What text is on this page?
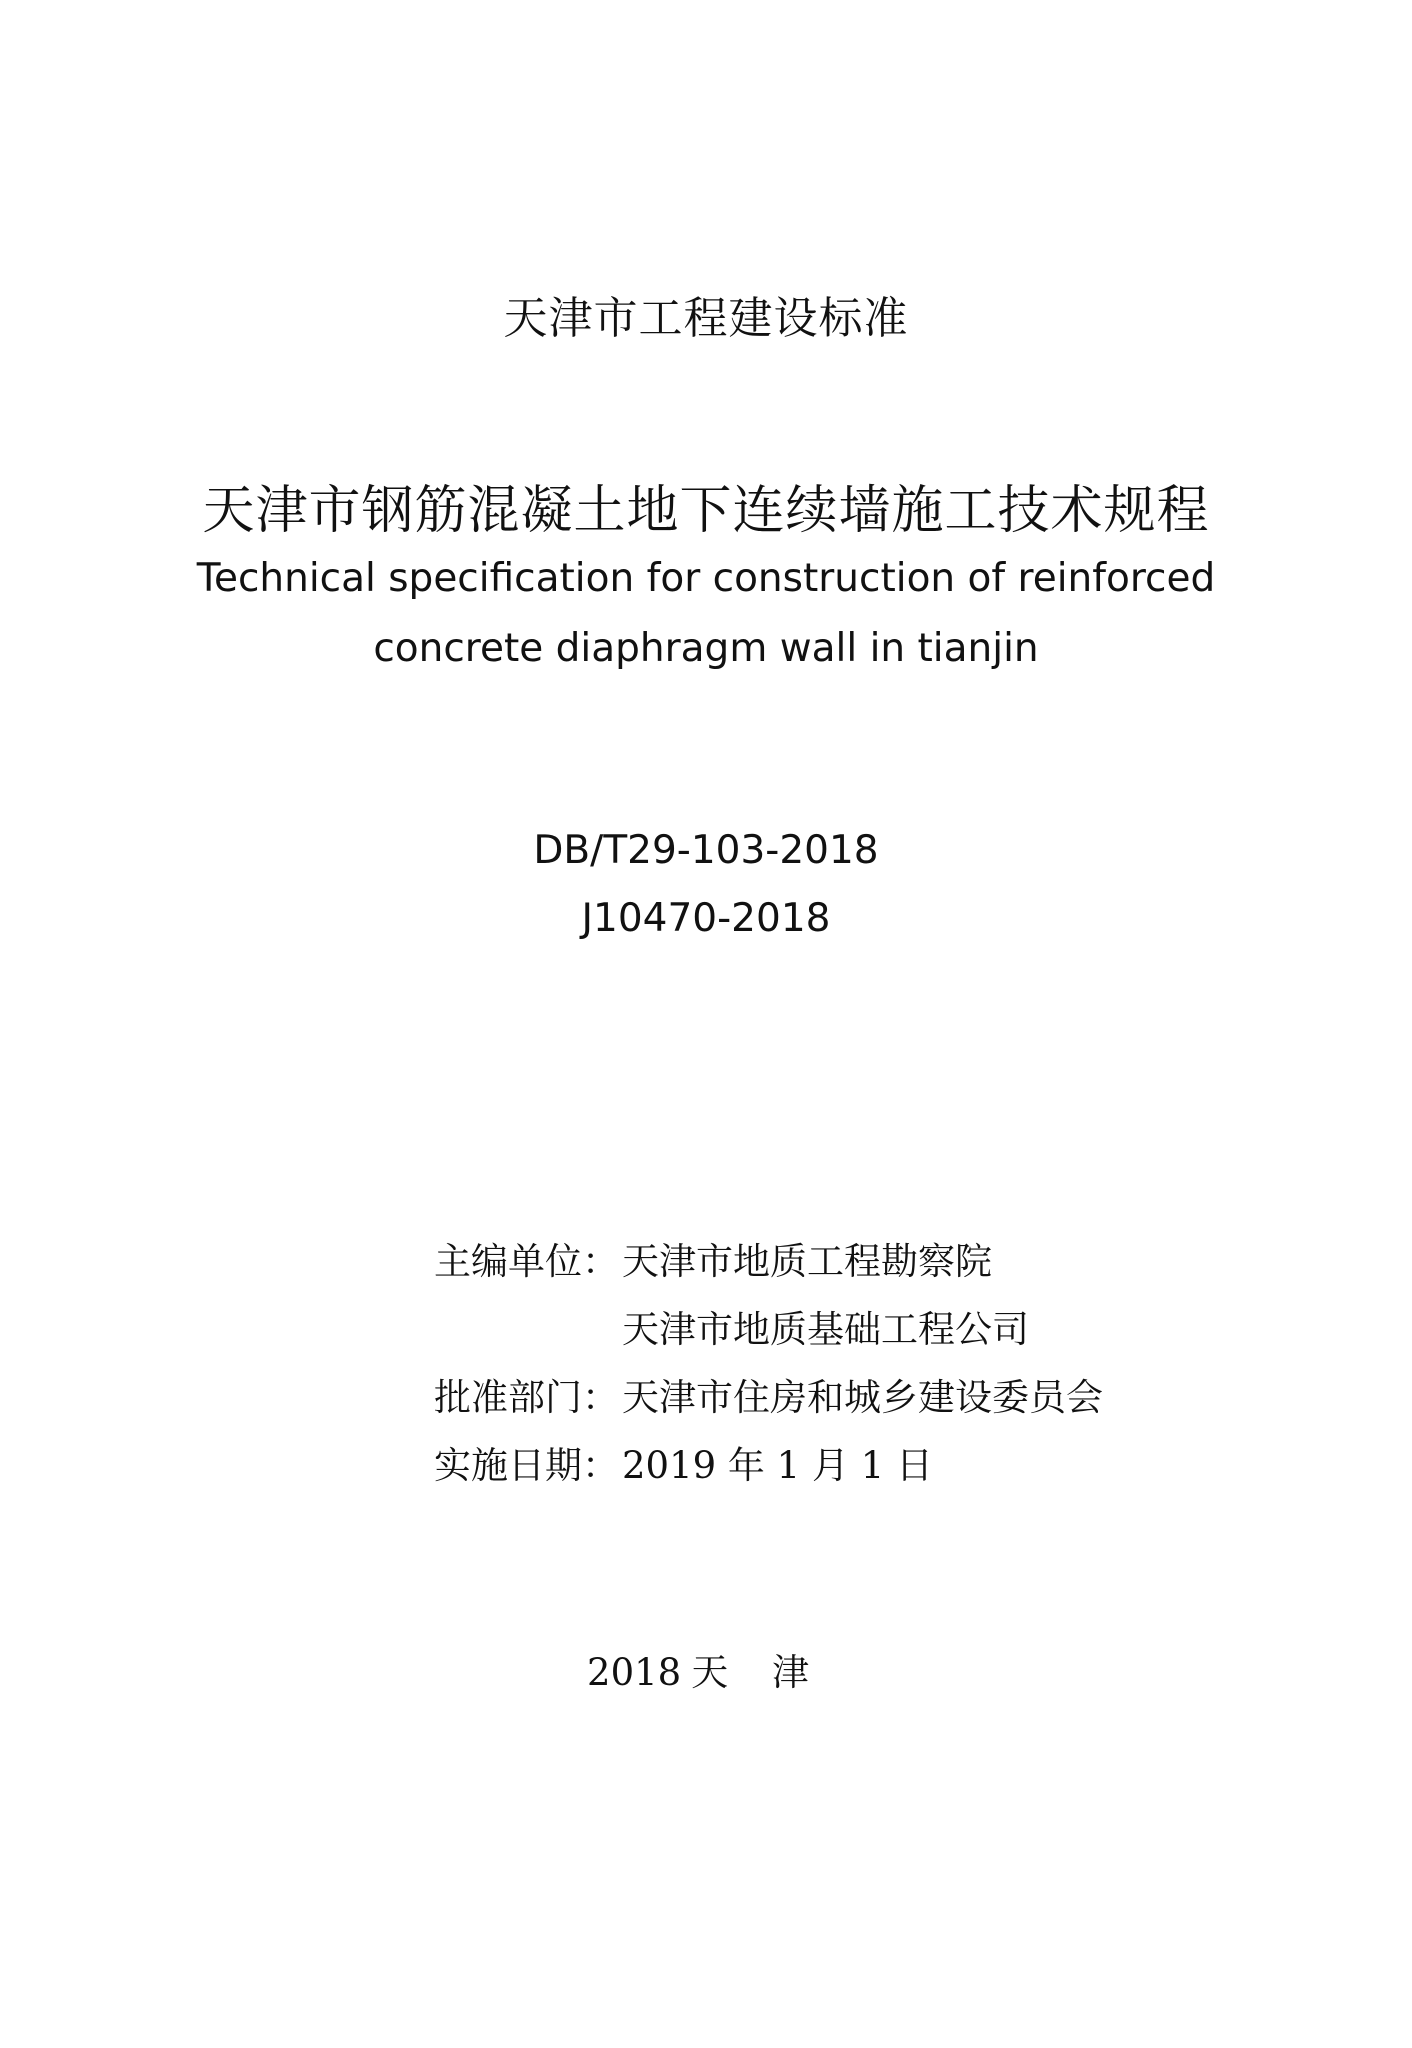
天津市工程建设标准
天津市钢筋混凝土地下连续墙施工技术规程
Technical specification for construction of reinforced
concrete diaphragm wall in tianjin
DB/T29-103-2018
J10470-2018
主编单位： 天津市地质工程勘察院
天津市地质基础工程公司
批准部门： 天津市住房和城乡建设委员会
实施日期： 2019 年 1 月 1 日
2018 天 津
